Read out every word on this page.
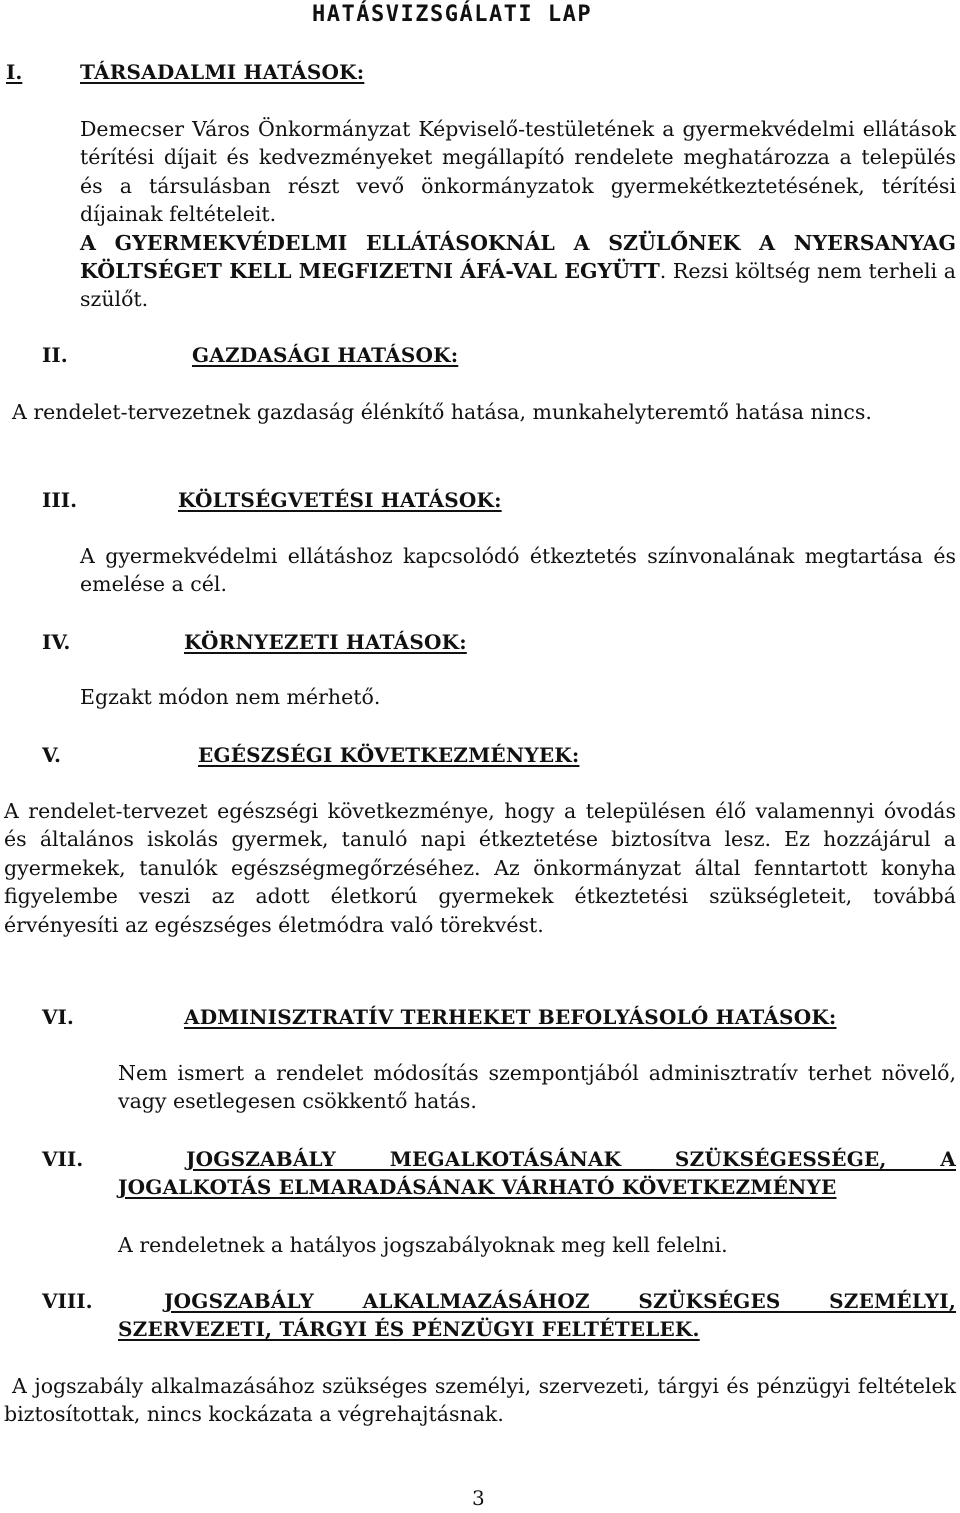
HATÁSVIZSGÁLATI LAP
I.	TÁRSADALMI HATÁSOK:

Demecser Város Önkormányzat Képviselő-testületének a gyermekvédelmi ellátások térítési díjait és kedvezményeket megállapító rendelete meghatározza a település és a társulásban részt vevő önkormányzatok gyermekétkeztetésének, térítési díjainak feltételeit.

A GYERMEKVÉDELMI ELLÁTÁSOKNÁL A SZÜLŐNEK A NYERSANYAG KÖLTSÉGET KELL MEGFIZETNI ÁFÁ-VAL EGYÜTT. Rezsi költség nem terheli a szülőt.

II.	GAZDASÁGI HATÁSOK:

A rendelet-tervezetnek gazdaság élénkítő hatása, munkahelyteremtő hatása nincs.

III.	KÖLTSÉGVETÉSI HATÁSOK:

A gyermekvédelmi ellátáshoz kapcsolódó étkeztetés színvonalának megtartása és emelése a cél.

IV.	KÖRNYEZETI HATÁSOK:

Egzakt módon nem mérhető.

V.	EGÉSZSÉGI KÖVETKEZMÉNYEK:

A rendelet-tervezet egészségi következménye, hogy a településen élő valamennyi óvodás és általános iskolás gyermek, tanuló napi étkeztetése biztosítva lesz. Ez hozzájárul a gyermekek, tanulók egészségmegőrzéséhez. Az önkormányzat által fenntartott konyha figyelembe veszi az adott életkorú gyermekek étkeztetési szükségleteit, továbbá érvényesíti az egészséges életmódra való törekvést.

VI.	ADMINISZTRATÍV TERHEKET BEFOLYÁSOLÓ HATÁSOK:

Nem ismert a rendelet módosítás szempontjából adminisztratív terhet növelő, vagy esetlegesen csökkentő hatás.

VII.	JOGSZABÁLY MEGALKOTÁSÁNAK SZÜKSÉGESSÉGE, A
JOGALKOTÁS ELMARADÁSÁNAK VÁRHATÓ KÖVETKEZMÉNYE

A rendeletnek a hatályos jogszabályoknak meg kell felelni.

VIII.	JOGSZABÁLY ALKALMAZÁSÁHOZ SZÜKSÉGES SZEMÉLYI,
SZERVEZETI, TÁRGYI ÉS PÉNZÜGYI FELTÉTELEK.

A jogszabály alkalmazásához szükséges személyi, szervezeti, tárgyi és pénzügyi feltételek biztosítottak, nincs kockázata a végrehajtásnak.

3
